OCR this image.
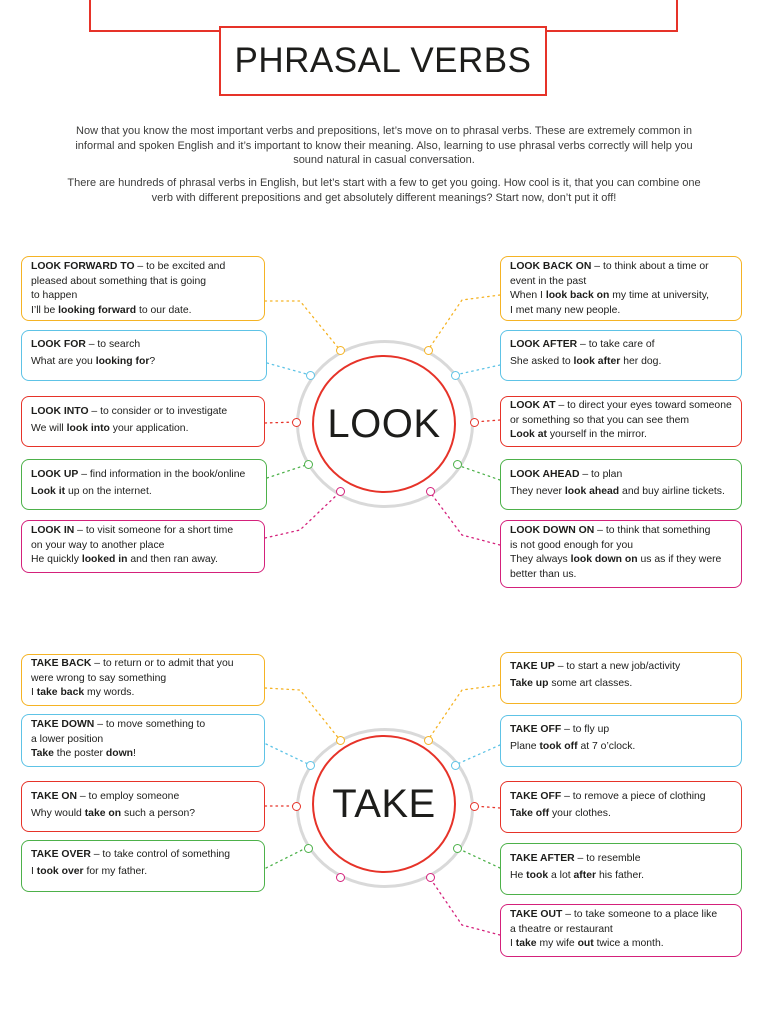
PHRASAL VERBS

Now that you know the most important verbs and prepositions, let’s move on to phrasal verbs. These are extremely common in informal and spoken English and it’s important to know their meaning. Also, learning to use phrasal verbs correctly will help you sound natural in casual conversation.

There are hundreds of phrasal verbs in English, but let’s start with a few to get you going. How cool is it, that you can combine one verb with different prepositions and get absolutely different meanings? Start now, don’t put it off!

LOOK
LOOK FORWARD TO – to be excited and
pleased about something that is going
to happen
I’ll be looking forward to our date.
LOOK FOR – to search
What are you looking for?
LOOK INTO – to consider or to investigate
We will look into your application.
LOOK UP – find information in the book/online
Look it up on the internet.
LOOK IN – to visit someone for a short time
on your way to another place
He quickly looked in and then ran away.
LOOK BACK ON – to think about a time or
event in the past
When I look back on my time at university,
I met many new people.
LOOK AFTER – to take care of
She asked to look after her dog.
LOOK AT – to direct your eyes toward someone
or something so that you can see them
Look at yourself in the mirror.
LOOK AHEAD – to plan
They never look ahead and buy airline tickets.
LOOK DOWN ON – to think that something
is not good enough for you
They always look down on us as if they were
better than us.
TAKE
TAKE BACK – to return or to admit that you
were wrong to say something
I take back my words.
TAKE DOWN – to move something to
a lower position
Take the poster down!
TAKE ON – to employ someone
Why would take on such a person?
TAKE OVER – to take control of something
I took over for my father.
TAKE UP – to start a new job/activity
Take up some art classes.
TAKE OFF – to fly up
Plane took off at 7 o’clock.
TAKE OFF – to remove a piece of clothing
Take off your clothes.
TAKE AFTER – to resemble
He took a lot after his father.
TAKE OUT – to take someone to a place like
a theatre or restaurant
I take my wife out twice a month.
